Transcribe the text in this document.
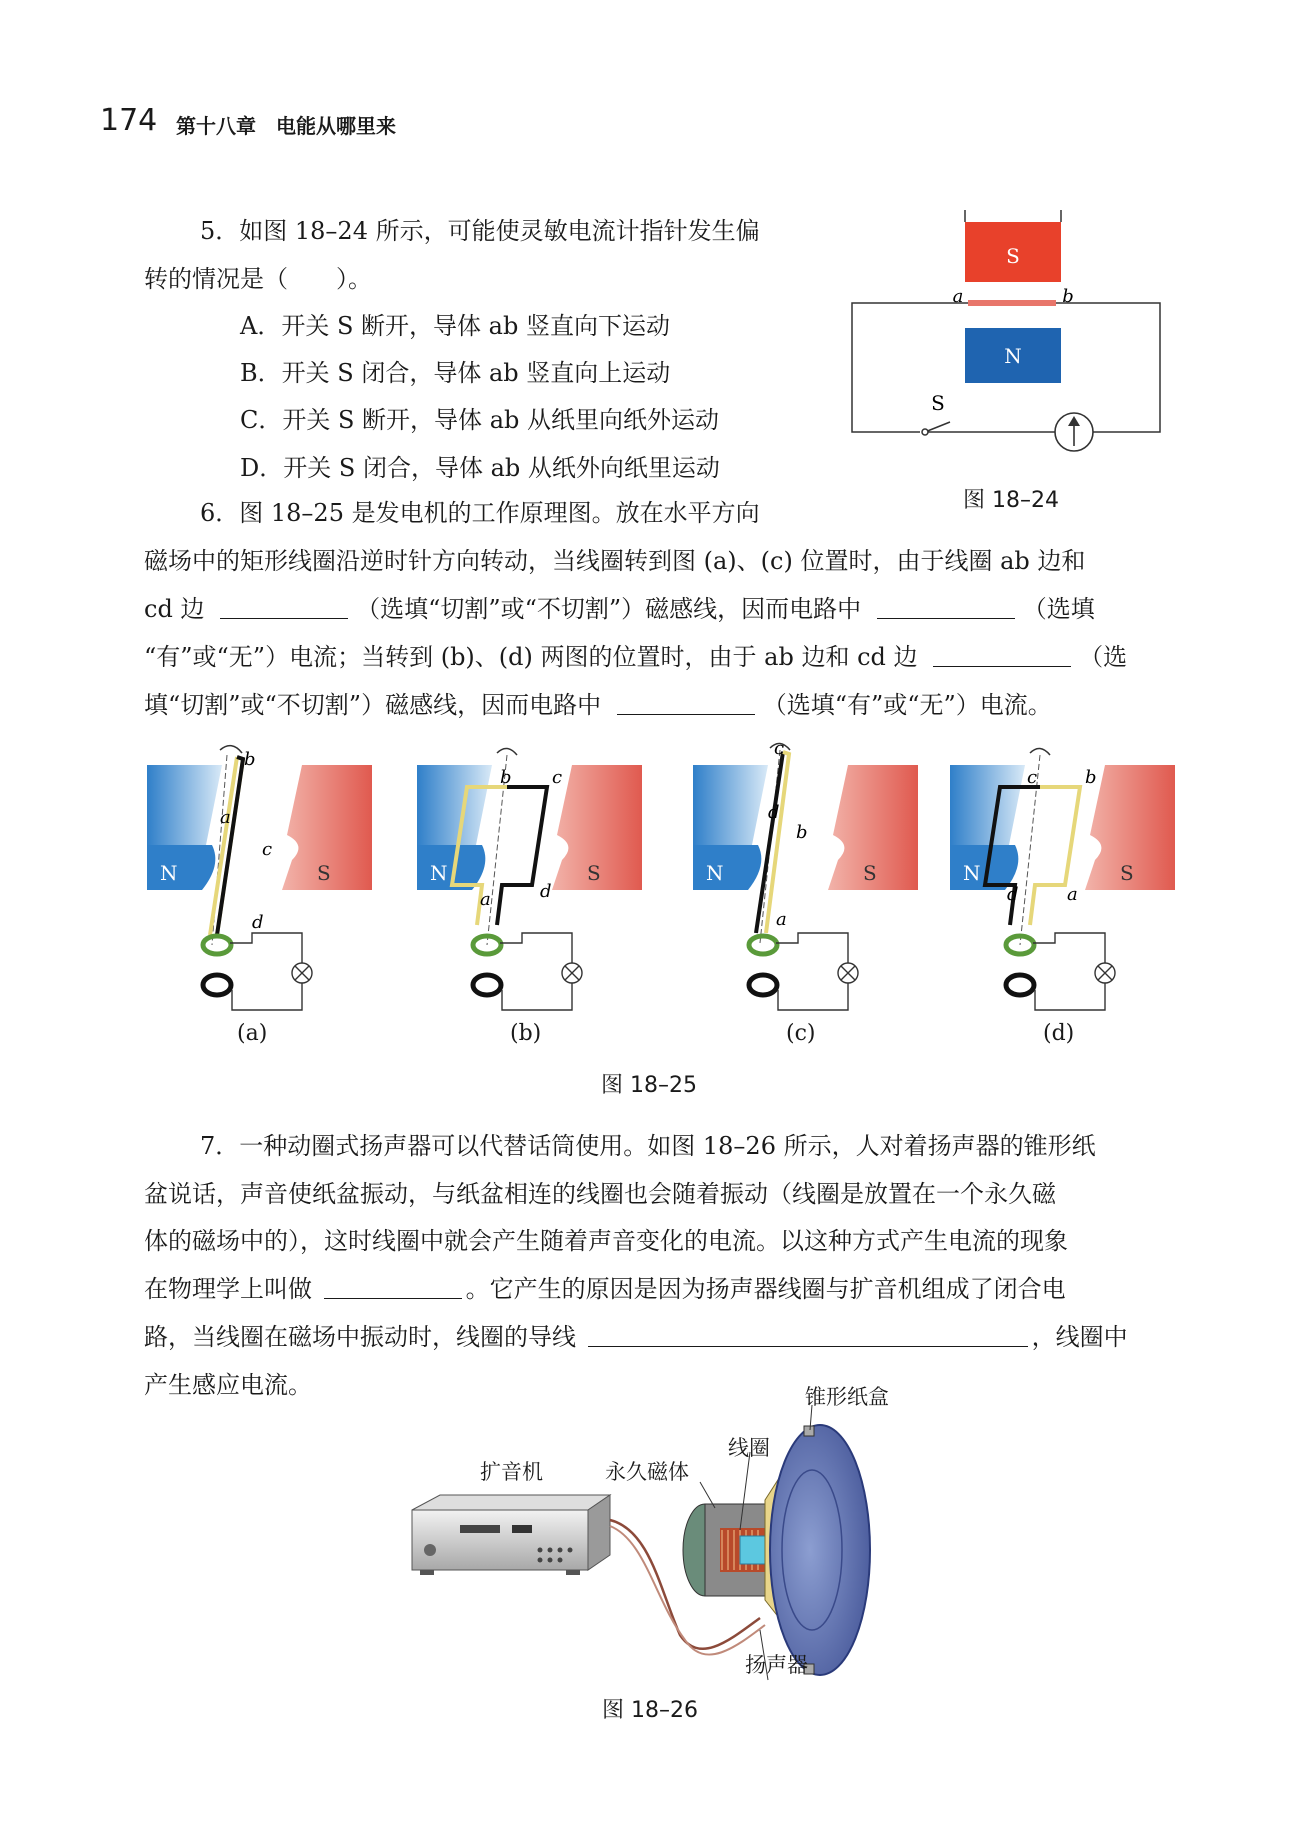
174 第十八章　电能从哪里来
5．如图 18–24 所示，可能使灵敏电流计指针发生偏
转的情况是（　　）。
A．开关 S 断开，导体 ab 竖直向下运动
B．开关 S 闭合，导体 ab 竖直向上运动
C．开关 S 断开，导体 ab 从纸里向纸外运动
D．开关 S 闭合，导体 ab 从纸外向纸里运动
S
a	b
S
N
图 18–24
6．图 18–25 是发电机的工作原理图。放在水平方向
磁场中的矩形线圈沿逆时针方向转动，当线圈转到图 (a)、(c) 位置时，由于线圈 ab 边和
cd 边	（选填“切割”或“不切割”）磁感线，因而电路中	（选填
“有”或“无”）电流；当转到 (b)、(d) 两图的位置时，由于 ab 边和 cd 边	（选
填“切割”或“不切割”）磁感线，因而电路中	（选填“有”或“无”）电流。
N	S
b
a
c
d
(a)
N	S
b c
a	d
(b)
N	S
c
d
b
a
(c)
N	S
c	b
d	a
(d)
图 18–25
7．一种动圈式扬声器可以代替话筒使用。如图 18–26 所示，人对着扬声器的锥形纸
盆说话，声音使纸盆振动，与纸盆相连的线圈也会随着振动（线圈是放置在一个永久磁
体的磁场中的），这时线圈中就会产生随着声音变化的电流。以这种方式产生电流的现象
在物理学上叫做	。它产生的原因是因为扬声器线圈与扩音机组成了闭合电
路，当线圈在磁场中振动时，线圈的导线	，线圈中
产生感应电流。	锥形纸盒
线圈
扩音机	永久磁体
扬声器
图 18–26
